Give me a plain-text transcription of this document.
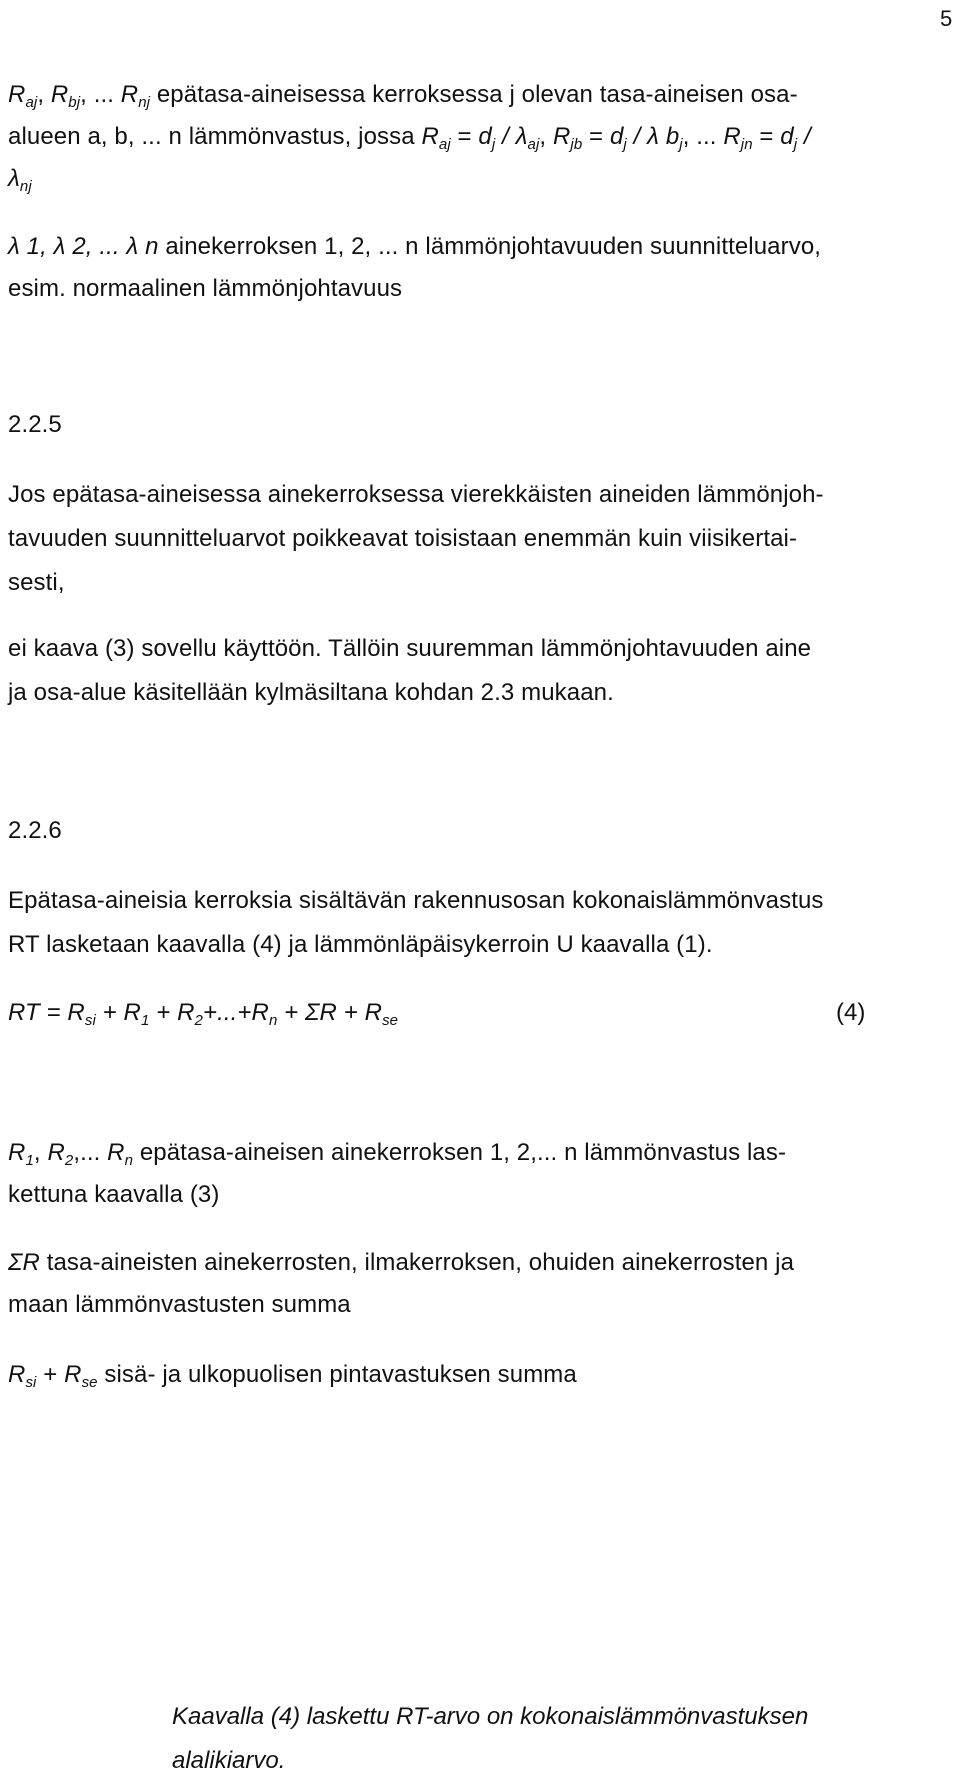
5
$R_{aj}$, $R_{bj}$, ... $R_{nj}$ epätasa-aineisessa kerroksessa j olevan tasa-aineisen osa-
alueen a, b, ... n lämmönvastus, jossa $R_{aj} = d_j / \lambda_{aj}$, $R_{jb} = d_j / \lambda$ $b_j$, ... $R_{jn} = d_j$ /
$\lambda_{nj}$
λ 1, λ 2, ... λ n ainekerroksen 1, 2, ... n lämmönjohtavuuden suunnitteluarvo,
esim. normaalinen lämmönjohtavuus
2.2.5
Jos epätasa-aineisessa ainekerroksessa vierekkäisten aineiden lämmönjoh-
tavuuden suunnitteluarvot poikkeavat toisistaan enemmän kuin viisikertai-
sesti,
ei kaava (3) sovellu käyttöön. Tällöin suuremman lämmönjohtavuuden aine
ja osa-alue käsitellään kylmäsiltana kohdan 2.3 mukaan.
2.2.6
Epätasa-aineisia kerroksia sisältävän rakennusosan kokonaislämmönvastus
RT lasketaan kaavalla (4) ja lämmönläpäisykerroin U kaavalla (1).
RT = $R_{si} + R_1 + R_2+...+R_n + \Sigma R + R_{se}$	(4)
$R_1$, $R_2$,... $R_n$ epätasa-aineisen ainekerroksen 1, 2,... n lämmönvastus las-
kettuna kaavalla (3)
ΣR tasa-aineisten ainekerrosten, ilmakerroksen, ohuiden ainekerrosten ja
maan lämmönvastusten summa
$R_{si} + R_{se}$ sisä- ja ulkopuolisen pintavastuksen summa
Kaavalla (4) laskettu RT-arvo on kokonaislämmönvastuksen
alalikiarvo.
